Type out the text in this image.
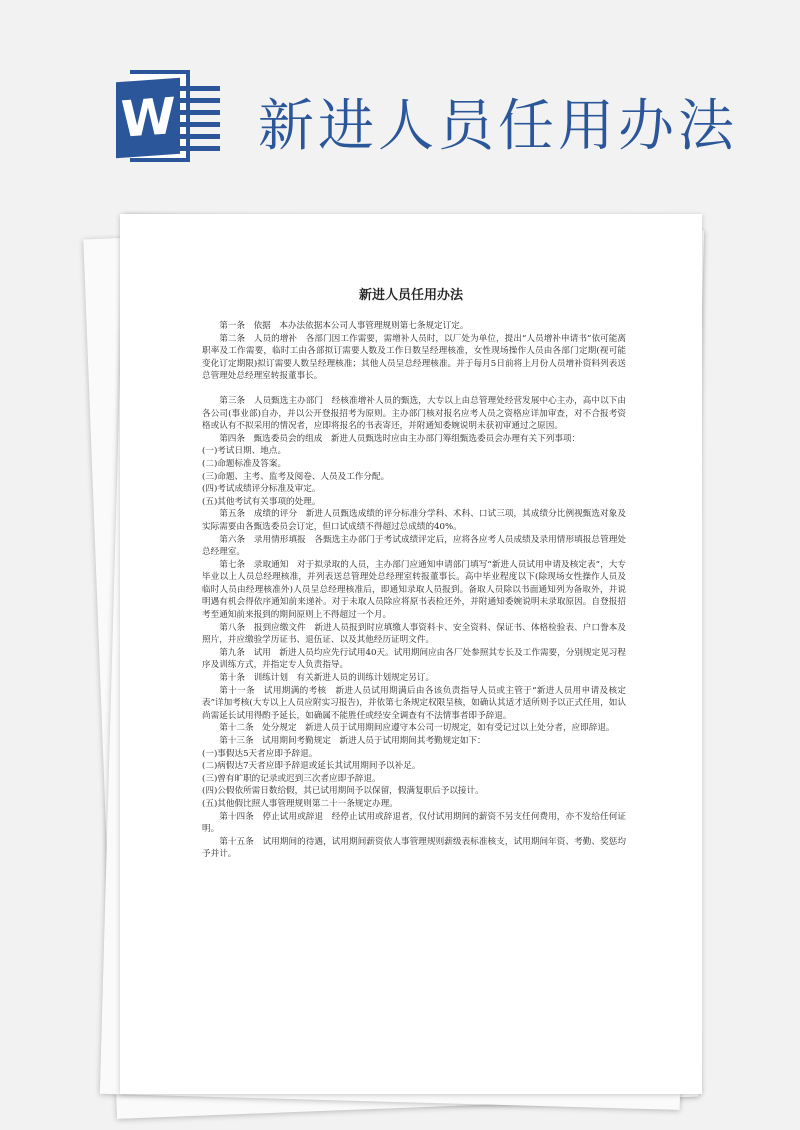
W 新进人员任用办法
新进人员任用办法

第一条　依据　本办法依据本公司人事管理规则第七条规定订定。

第二条　人员的增补　各部门因工作需要，需增补人员时，以厂处为单位，提出“人员增补申请书”依可能离职率及工作需要，临时工由各部拟订需要人数及工作日数呈经理核准，女性现场操作人员由各部门定期(视可能变化订定期限)拟订需要人数呈经理核准；其他人员呈总经理核准。并于每月5日前将上月份人员增补资料列表送总管理处总经理室转报董事长。

第三条　人员甄选主办部门　经核准增补人员的甄选，大专以上由总管理处经营发展中心主办，高中以下由各公司(事业部)自办，并以公开登报招考为原则。主办部门核对报名应考人员之资格应详加审查，对不合报考资格或认有不拟采用的情况者，应即将报名的书表寄还，并附通知委婉说明未获初审通过之原因。

第四条　甄选委员会的组成　新进人员甄选时应由主办部门筹组甄选委员会办理有关下列事项：

(一)考试日期、地点。

(二)命题标准及答案。

(三)命题、主考、监考及阅卷、人员及工作分配。

(四)考试成绩评分标准及审定。

(五)其他考试有关事项的处理。

第五条　成绩的评分　新进人员甄选成绩的评分标准分学科、术科、口试三项，其成绩分比例视甄选对象及实际需要由各甄选委员会订定，但口试成绩不得超过总成绩的40%。

第六条　录用情形填报　各甄选主办部门于考试成绩评定后，应将各应考人员成绩及录用情形填报总管理处总经理室。

第七条　录取通知　对于拟录取的人员，主办部门应通知申请部门填写“新进人员试用申请及核定表”，大专毕业以上人员总经理核准，并列表送总管理处总经理室转报董事长。高中毕业程度以下(除现场女性操作人员及临时人员由经理核准外)人员呈总经理核准后，即通知录取人员报到。备取人员除以书面通知列为备取外，并说明遇有机会得依序通知前来递补。对于未取人员除应将原书表检还外，并附通知委婉说明未录取原因。自登报招考至通知前来报到的期间原则上不得超过一个月。

第八条　报到应缴文件　新进人员报到时应填缴人事资料卡、安全资料、保证书、体格检验表、户口誊本及照片，并应缴验学历证书、退伍证、以及其他经历证明文件。

第九条　试用　新进人员均应先行试用40天。试用期间应由各厂处参照其专长及工作需要，分别规定见习程序及训练方式，并指定专人负责指导。

第十条　训练计划　有关新进人员的训练计划规定另订。

第十一条　试用期满的考核　新进人员试用期满后由各该负责指导人员或主管于“新进人员用申请及核定表”详加考核(大专以上人员应附实习报告)，并依第七条规定权限呈核，如确认其适才适所则予以正式任用，如认尚需延长试用得酌予延长，如确属不能胜任或经安全调查有不法情事者即予辞退。

第十二条　处分规定　新进人员于试用期间应遵守本公司一切规定，如有受记过以上处分者，应即辞退。

第十三条　试用期间考勤规定　新进人员于试用期间其考勤规定如下：

(一)事假达5天者应即予辞退。

(二)病假达7天者应即予辞退或延长其试用期间予以补足。

(三)曾有旷职的记录或迟到三次者应即予辞退。

(四)公假依所需日数给假，其已试用期间予以保留，假满复职后予以接计。

(五)其他假比照人事管理规则第二十一条规定办理。

第十四条　停止试用或辞退　经停止试用或辞退者，仅付试用期间的薪资不另支任何费用，亦不发给任何证明。

第十五条　试用期间的待遇，试用期间薪资依人事管理规则薪级表标准核支，试用期间年资、考勤、奖惩均予并计。
